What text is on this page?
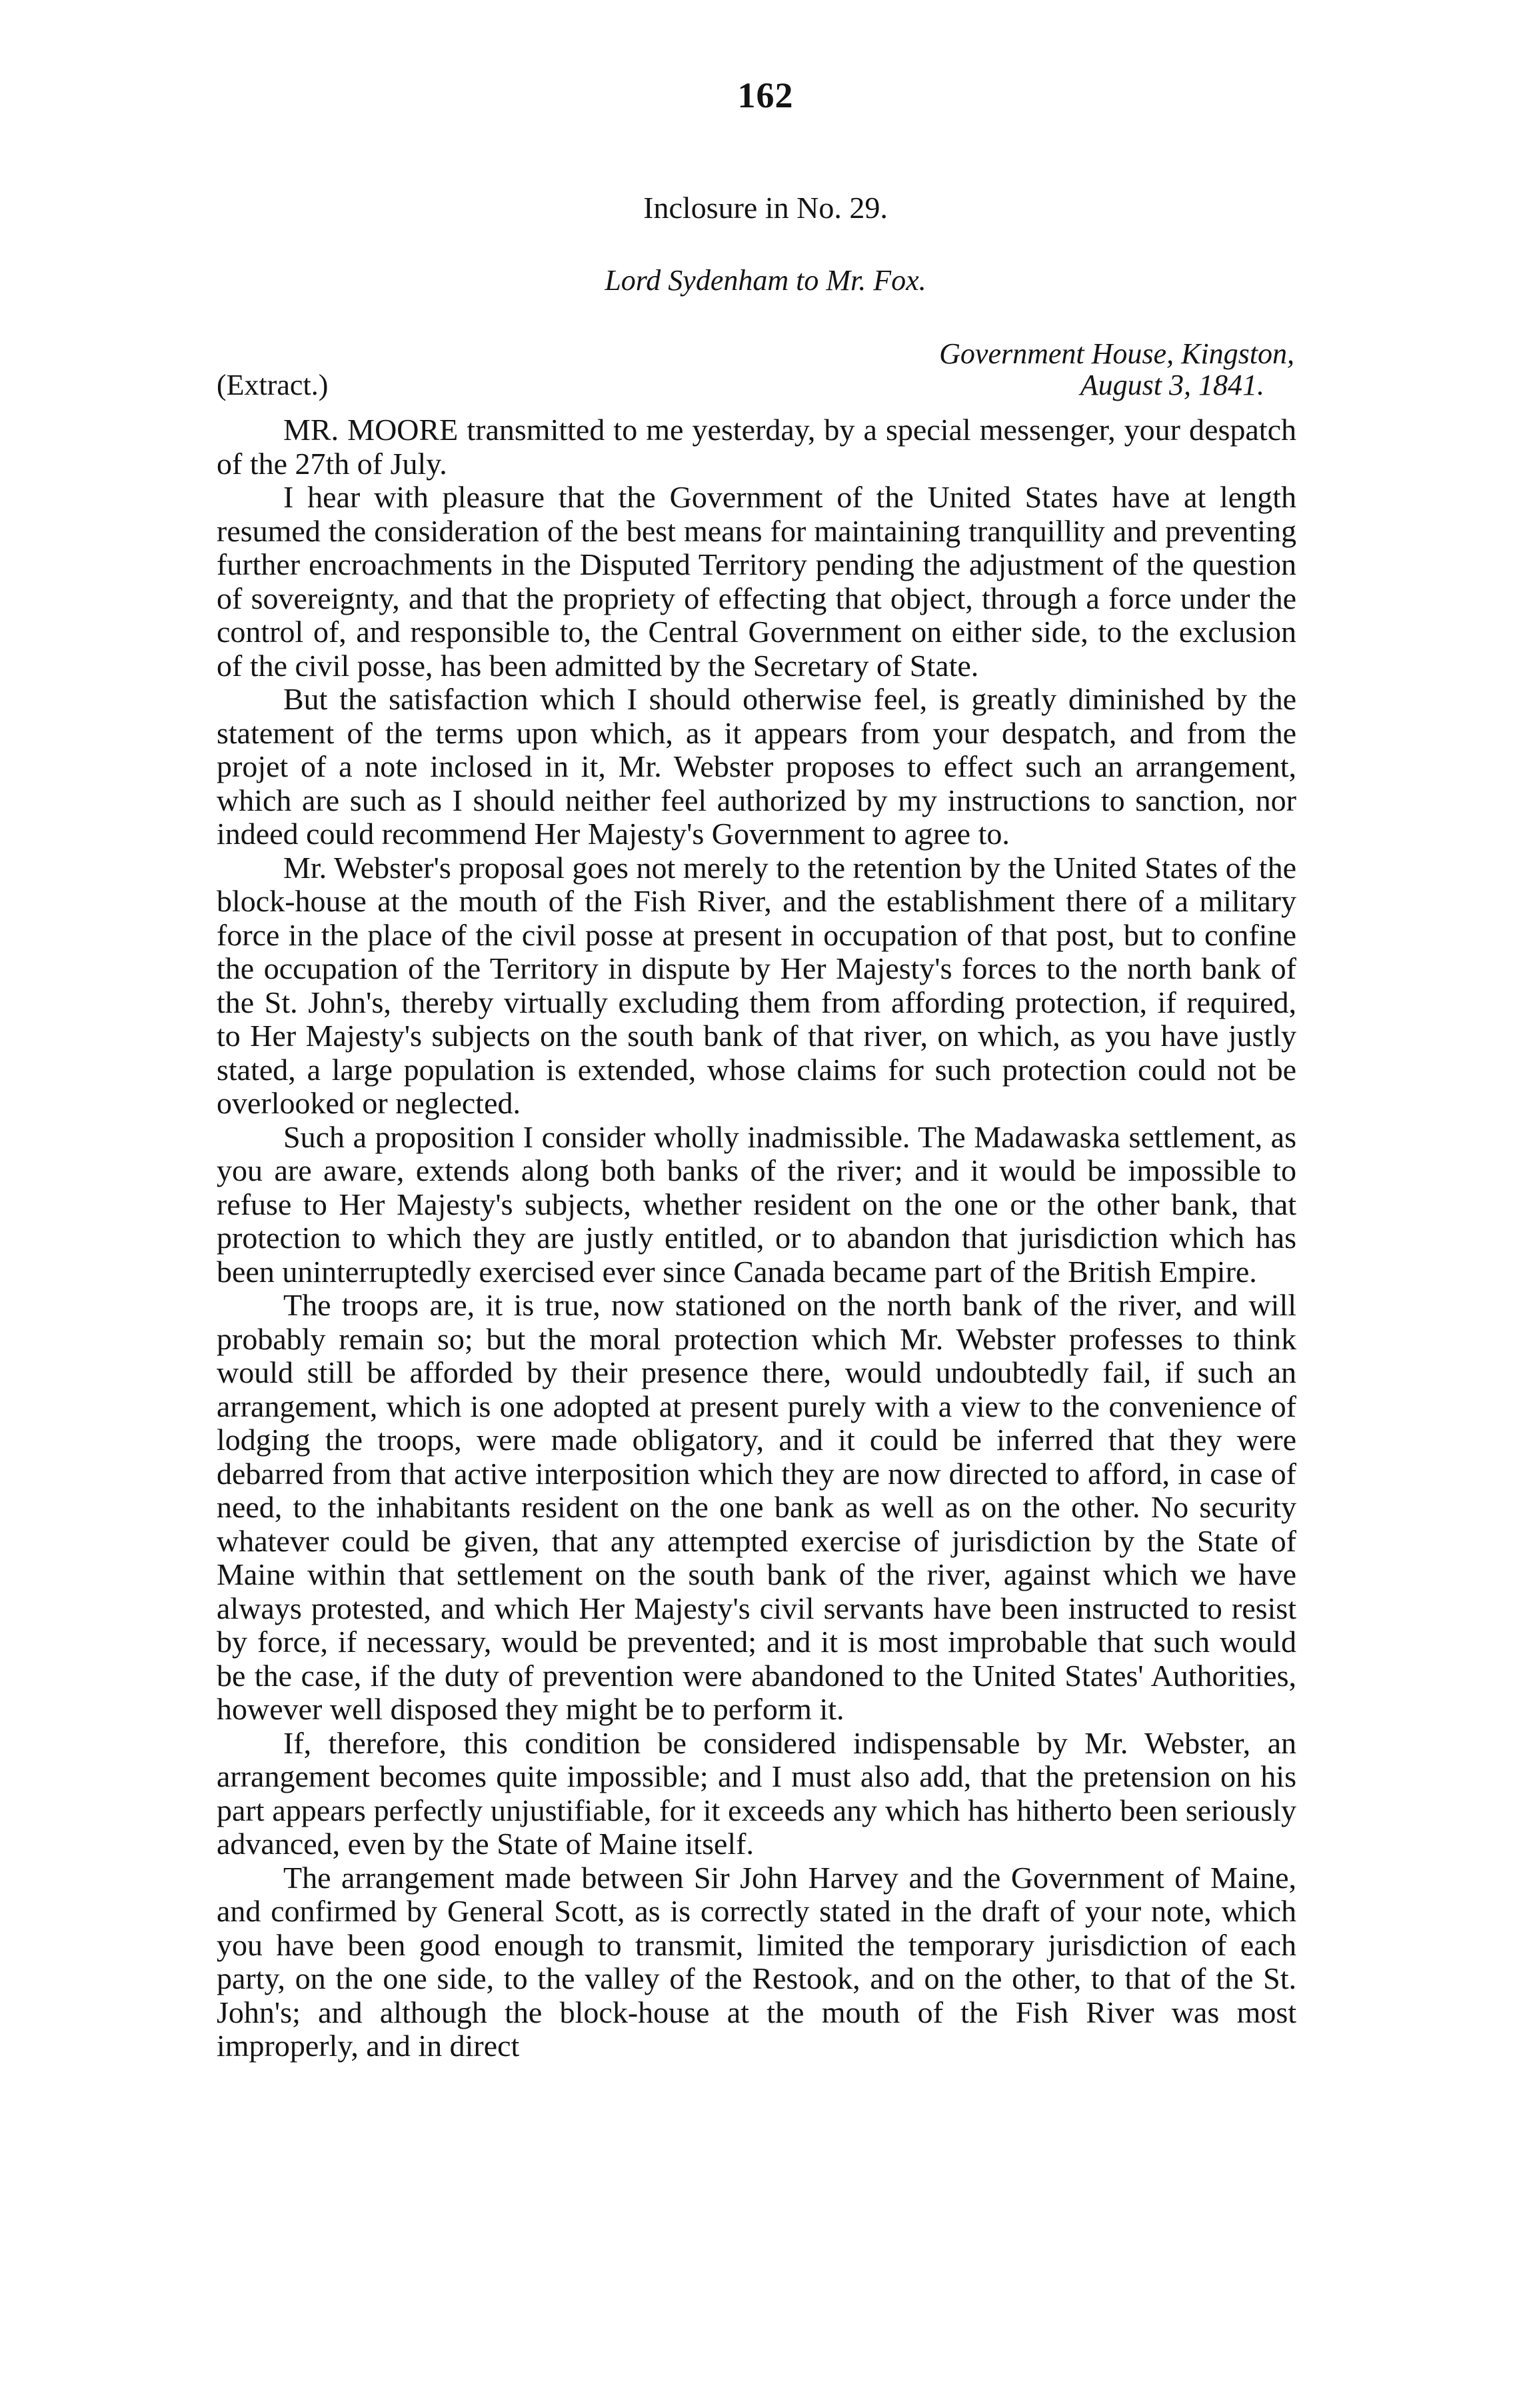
162
Inclosure in No. 29.
Lord Sydenham to Mr. Fox.
Government House, Kingston,
(Extract.)	August 3, 1841.

MR. MOORE transmitted to me yesterday, by a special messenger, your despatch of the 27th of July.

I hear with pleasure that the Government of the United States have at length resumed the consideration of the best means for maintaining tranquillity and preventing further encroachments in the Disputed Territory pending the adjustment of the question of sovereignty, and that the propriety of effecting that object, through a force under the control of, and responsible to, the Central Government on either side, to the exclusion of the civil posse, has been admitted by the Secretary of State.

But the satisfaction which I should otherwise feel, is greatly diminished by the statement of the terms upon which, as it appears from your despatch, and from the projet of a note inclosed in it, Mr. Webster proposes to effect such an arrangement, which are such as I should neither feel authorized by my instructions to sanction, nor indeed could recommend Her Majesty's Government to agree to.

Mr. Webster's proposal goes not merely to the retention by the United States of the block-house at the mouth of the Fish River, and the establishment there of a military force in the place of the civil posse at present in occupation of that post, but to confine the occupation of the Territory in dispute by Her Majesty's forces to the north bank of the St. John's, thereby virtually excluding them from affording protection, if required, to Her Majesty's subjects on the south bank of that river, on which, as you have justly stated, a large population is extended, whose claims for such protection could not be overlooked or neglected.

Such a proposition I consider wholly inadmissible. The Madawaska settlement, as you are aware, extends along both banks of the river; and it would be impossible to refuse to Her Majesty's subjects, whether resident on the one or the other bank, that protection to which they are justly entitled, or to abandon that jurisdiction which has been uninterruptedly exercised ever since Canada became part of the British Empire.

The troops are, it is true, now stationed on the north bank of the river, and will probably remain so; but the moral protection which Mr. Webster professes to think would still be afforded by their presence there, would undoubtedly fail, if such an arrangement, which is one adopted at present purely with a view to the convenience of lodging the troops, were made obligatory, and it could be inferred that they were debarred from that active interposition which they are now directed to afford, in case of need, to the inhabitants resident on the one bank as well as on the other. No security whatever could be given, that any attempted exercise of jurisdiction by the State of Maine within that settlement on the south bank of the river, against which we have always protested, and which Her Majesty's civil servants have been instructed to resist by force, if necessary, would be prevented; and it is most improbable that such would be the case, if the duty of prevention were abandoned to the United States' Authorities, however well disposed they might be to perform it.

If, therefore, this condition be considered indispensable by Mr. Webster, an arrangement becomes quite impossible; and I must also add, that the pretension on his part appears perfectly unjustifiable, for it exceeds any which has hitherto been seriously advanced, even by the State of Maine itself.

The arrangement made between Sir John Harvey and the Government of Maine, and confirmed by General Scott, as is correctly stated in the draft of your note, which you have been good enough to transmit, limited the temporary jurisdiction of each party, on the one side, to the valley of the Restook, and on the other, to that of the St. John's; and although the block-house at the mouth of the Fish River was most improperly, and in direct
